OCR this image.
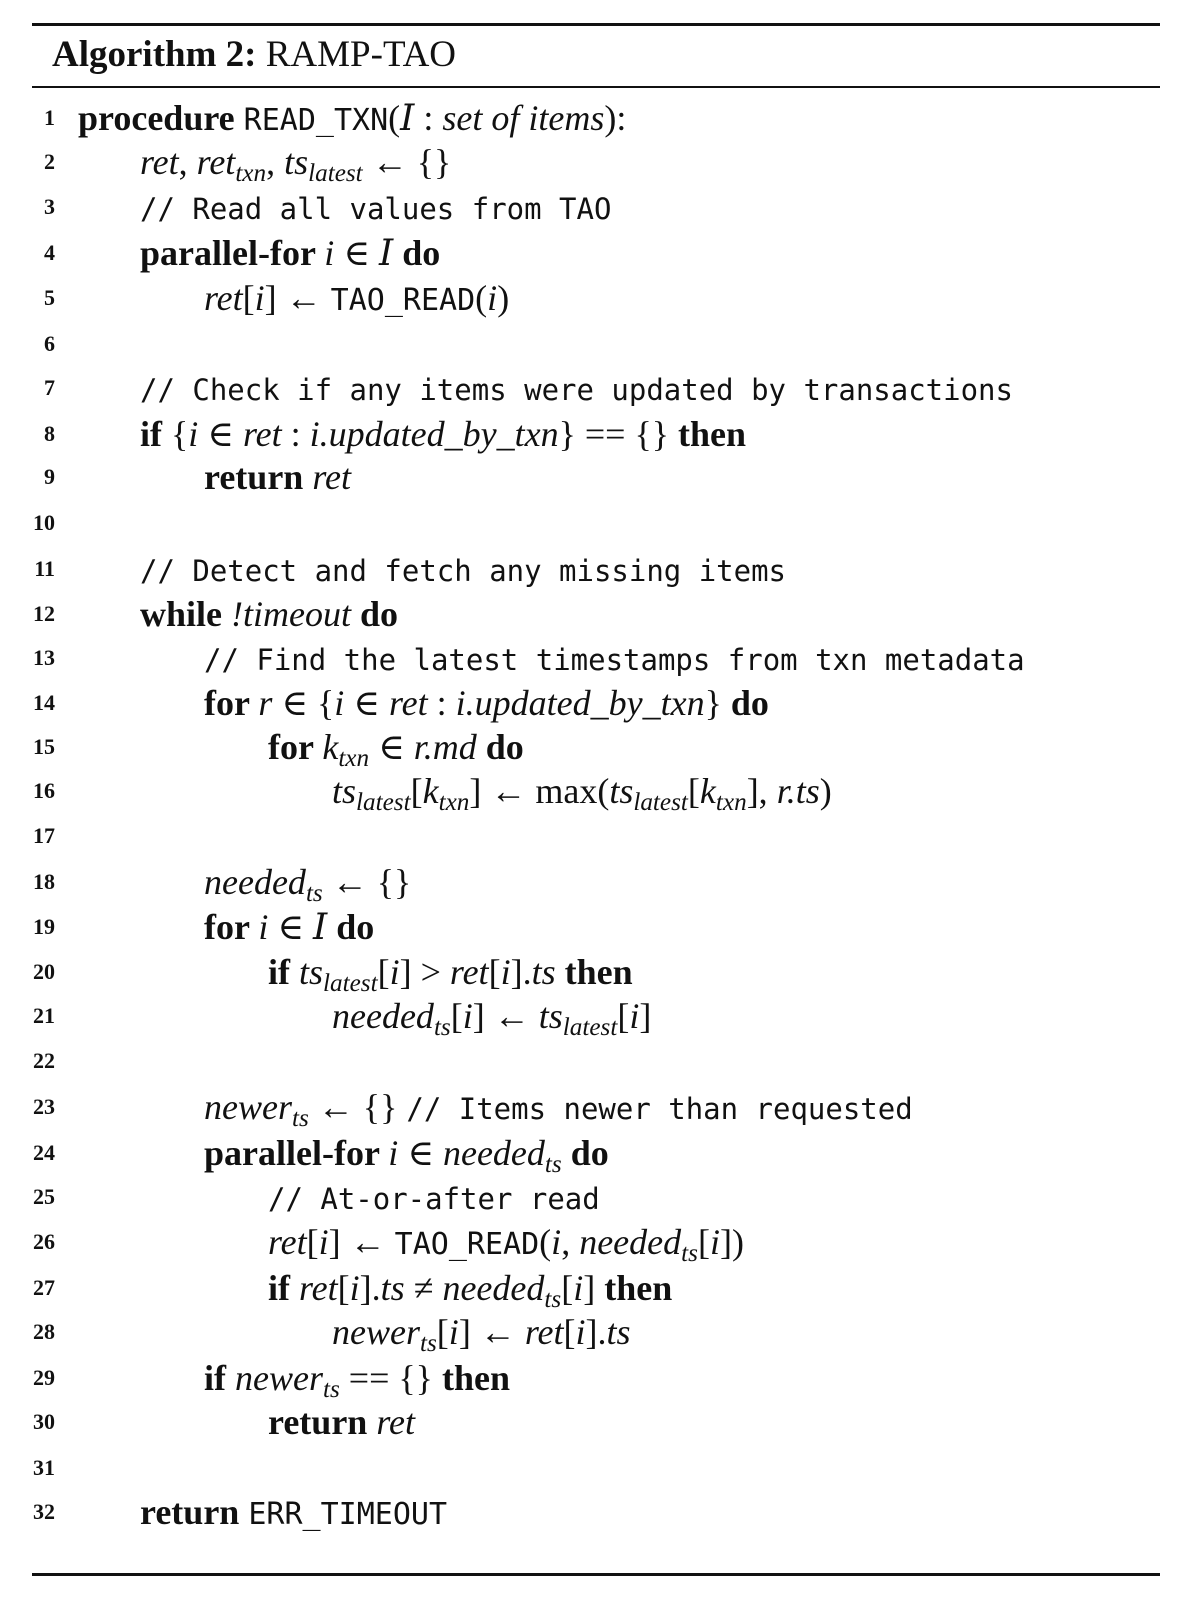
Algorithm 2: RAMP-TAO
1 procedure READ_TXN(I : set of items):
2 ret, ret$_{txn}$, $ts_{latest}$ ← {}
3	// Read all values from TAO
4 parallel-for i ∈ I do
5	ret[i] ← TAO_READ(i)
6
7	// Check if any items were updated by transactions
8 if {i ∈ ret : i.updated_by_txn} == {} then
9	return ret
10
11	// Detect and fetch any missing items
12 while !timeout do
13	// Find the latest timestamps from txn metadata
14	for r ∈ {i ∈ ret : i.updated_by_txn} do
15	for $k_{txn}$ ∈ r.md do
16	$ts_{latest}[k_{txn}]$ ← $\max(ts_{latest}[k_{txn}]$, r.ts)
17
18	needed$_{ts}$ ← {}
19	for i ∈ I do
20	if $ts_{latest}[i] > ret[i].ts$ then
21	needed$_{ts}$[i] ← $ts_{latest}[i]$
22
23	newer$_{ts}$ ← {} // Items newer than requested
24	parallel-for i ∈ needed$_{ts}$ do
25	// At-or-after read
26	ret[i] ← TAO_READ(i, needed$_{ts}$[i])
27	if ret[i].ts ≠ needed$_{ts}$[i] then
28	newer$_{ts}$[i] ← ret[i].ts
29	if newer$_{ts}$ == {} then
30	return ret
31
32 return ERR_TIMEOUT
